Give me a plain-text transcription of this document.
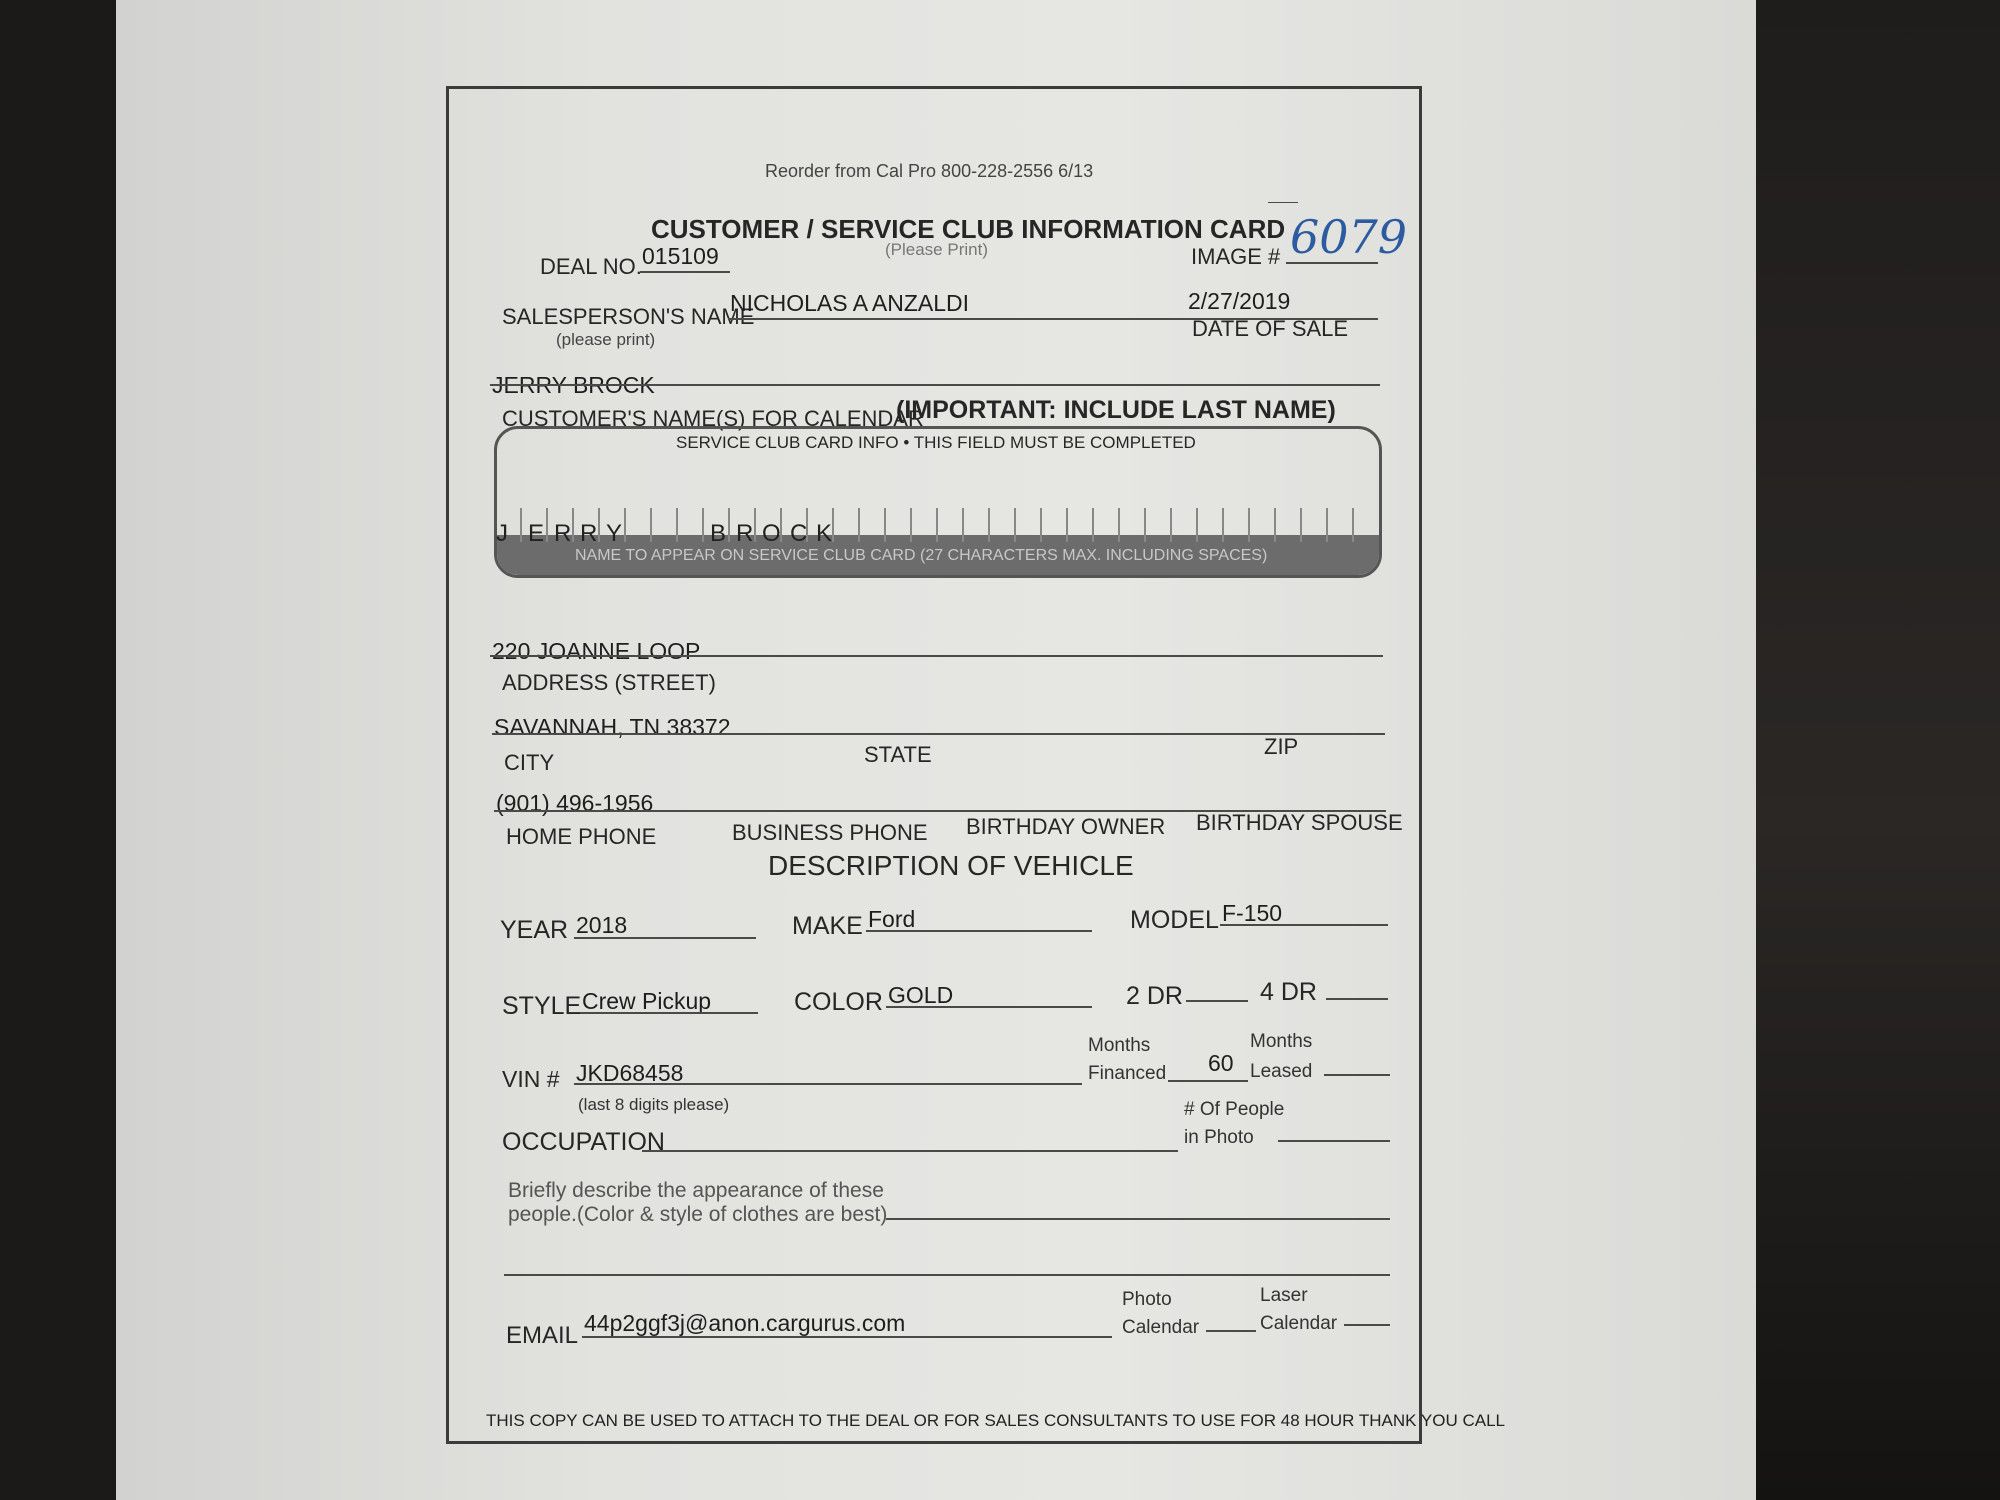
Reorder from Cal Pro 800-228-2556 6/13
CUSTOMER / SERVICE CLUB INFORMATION CARD
(Please Print)
DEAL NO. 015109	IMAGE # 6079
SALESPERSON'S NAME
(please print)
NICHOLAS A ANZALDI	2/27/2019
DATE OF SALE
JERRY BROCK
CUSTOMER'S NAME(S) FOR CALENDAR
(IMPORTANT: INCLUDE LAST NAME)
NAME TO APPEAR ON SERVICE CLUB CARD (27 CHARACTERS MAX. INCLUDING SPACES)
SERVICE CLUB CARD INFO • THIS FIELD MUST BE COMPLETED
J E R R Y	B R O C K
220 JOANNE LOOP
ADDRESS (STREET)
SAVANNAH, TN 38372
CITY	STATE	ZIP
(901) 496-1956
HOME PHONE	BUSINESS PHONE BIRTHDAY OWNER BIRTHDAY SPOUSE
DESCRIPTION OF VEHICLE
YEAR 2018	MAKE Ford	MODEL F-150
STYLE Crew Pickup	COLOR GOLD	2 DR	4 DR
VIN # JKD68458
(last 8 digits please)
Months
Financed 60
Months
Leased
OCCUPATION
# Of People
in Photo
Briefly describe the appearance of these
people.(Color & style of clothes are best)
EMAIL 44p2ggf3j@anon.cargurus.com
Photo
Calendar
Laser
Calendar
THIS COPY CAN BE USED TO ATTACH TO THE DEAL OR FOR SALES CONSULTANTS TO USE FOR 48 HOUR THANK YOU CALL
